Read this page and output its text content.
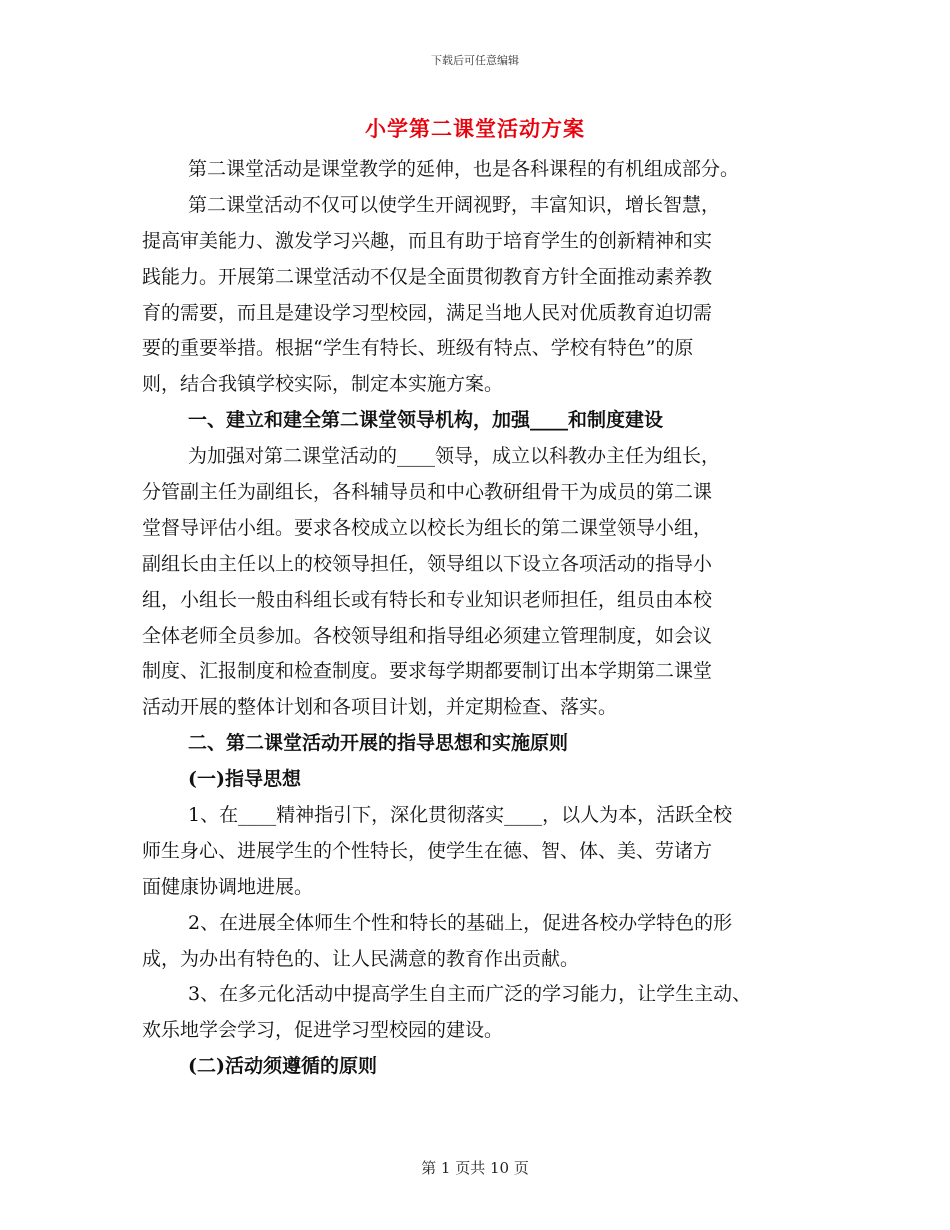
下载后可任意编辑
小学第二课堂活动方案
第二课堂活动是课堂教学的延伸，也是各科课程的有机组成部分。
第二课堂活动不仅可以使学生开阔视野，丰富知识，增长智慧，
提高审美能力、激发学习兴趣，而且有助于培育学生的创新精神和实
践能力。开展第二课堂活动不仅是全面贯彻教育方针全面推动素养教
育的需要，而且是建设学习型校园，满足当地人民对优质教育迫切需
要的重要举措。根据“学生有特长、班级有特点、学校有特色”的原
则，结合我镇学校实际，制定本实施方案。
一、建立和建全第二课堂领导机构，加强____和制度建设
为加强对第二课堂活动的____领导，成立以科教办主任为组长，
分管副主任为副组长，各科辅导员和中心教研组骨干为成员的第二课
堂督导评估小组。要求各校成立以校长为组长的第二课堂领导小组，
副组长由主任以上的校领导担任，领导组以下设立各项活动的指导小
组，小组长一般由科组长或有特长和专业知识老师担任，组员由本校
全体老师全员参加。各校领导组和指导组必须建立管理制度，如会议
制度、汇报制度和检查制度。要求每学期都要制订出本学期第二课堂
活动开展的整体计划和各项目计划，并定期检查、落实。
二、第二课堂活动开展的指导思想和实施原则
(一)指导思想
1、在____精神指引下，深化贯彻落实____，以人为本，活跃全校
师生身心、进展学生的个性特长，使学生在德、智、体、美、劳诸方
面健康协调地进展。
2、在进展全体师生个性和特长的基础上，促进各校办学特色的形
成，为办出有特色的、让人民满意的教育作出贡献。
3、在多元化活动中提高学生自主而广泛的学习能力，让学生主动、
欢乐地学会学习，促进学习型校园的建设。
(二)活动须遵循的原则
第 1 页共 10 页
